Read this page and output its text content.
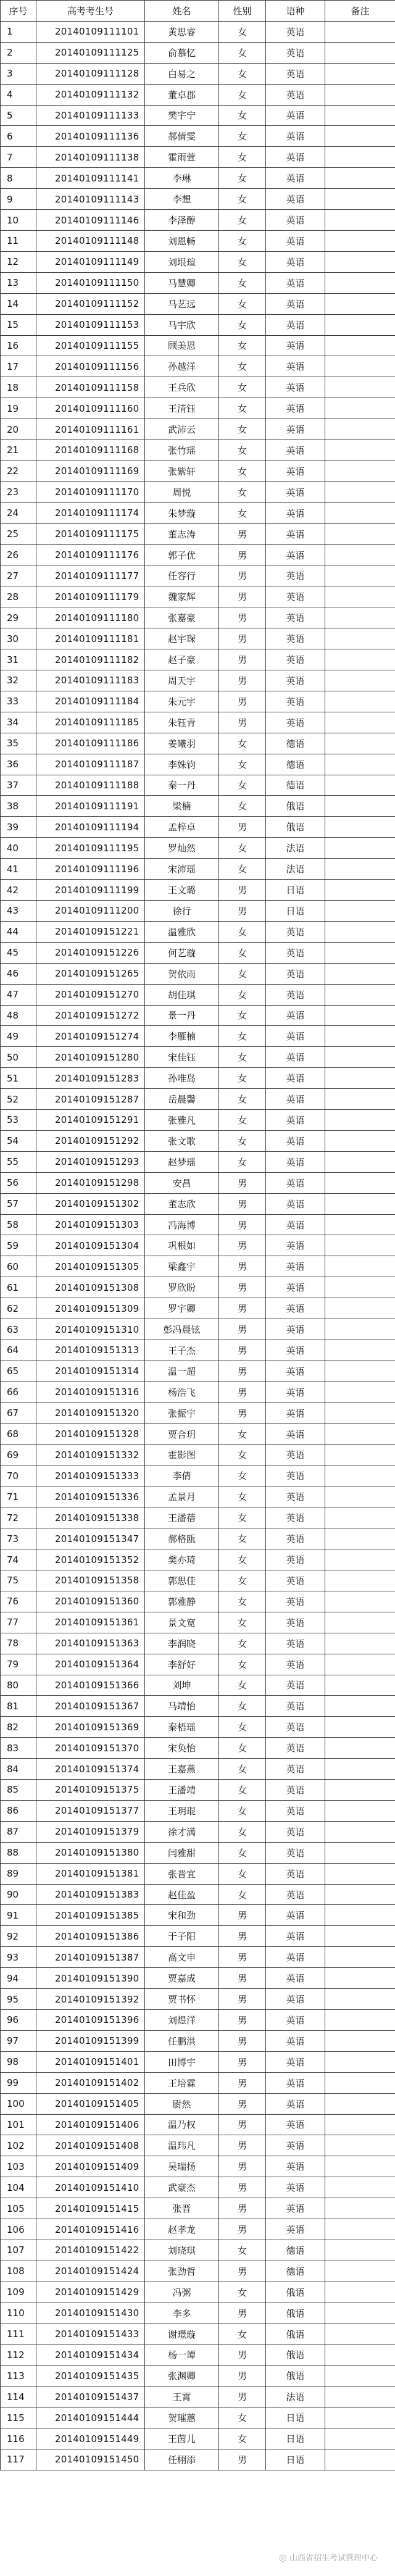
序号	高考考生号	姓名	性别	语种	备注
1	20140109111101	黄思睿	女	英语	
2	20140109111125	俞慕忆	女	英语	
3	20140109111128	白易之	女	英语	
4	20140109111132	董卓郡	女	英语	
5	20140109111133	樊宇宁	女	英语	
6	20140109111136	郝倩雯	女	英语	
7	20140109111138	霍雨萱	女	英语	
8	20140109111141	李琳	女	英语	
9	20140109111143	李想	女	英语	
10	20140109111146	李泽醇	女	英语	
11	20140109111148	刘恩畅	女	英语	
12	20140109111149	刘垠瑄	女	英语	
13	20140109111150	马慧卿	女	英语	
14	20140109111152	马艺远	女	英语	
15	20140109111153	马宇欣	女	英语	
16	20140109111155	顾美恩	女	英语	
17	20140109111156	孙越洋	女	英语	
18	20140109111158	王兵欣	女	英语	
19	20140109111160	王清钰	女	英语	
20	20140109111161	武沛云	女	英语	
21	20140109111168	张竹瑶	女	英语	
22	20140109111169	张紫轩	女	英语	
23	20140109111170	周悦	女	英语	
24	20140109111174	朱梦璇	女	英语	
25	20140109111175	董志涛	男	英语	
26	20140109111176	郭子优	男	英语	
27	20140109111177	任容行	男	英语	
28	20140109111179	魏家辉	男	英语	
29	20140109111180	张嘉豪	男	英语	
30	20140109111181	赵宇琛	男	英语	
31	20140109111182	赵子豪	男	英语	
32	20140109111183	周天宇	男	英语	
33	20140109111184	朱元宇	男	英语	
34	20140109111185	朱钰青	男	英语	
35	20140109111186	姜曦羽	女	德语	
36	20140109111187	李姝钧	女	德语	
37	20140109111188	秦一丹	女	德语	
38	20140109111191	梁楠	女	俄语	
39	20140109111194	孟梓卓	男	俄语	
40	20140109111195	罗灿然	女	法语	
41	20140109111196	宋沛瑶	女	法语	
42	20140109111199	王文璐	男	日语	
43	20140109111200	徐行	男	日语	
44	20140109151221	温雅欣	女	英语	
45	20140109151226	何艺璇	女	英语	
46	20140109151265	贺依雨	女	英语	
47	20140109151270	胡佳琪	女	英语	
48	20140109151272	景一丹	女	英语	
49	20140109151274	李雁楠	女	英语	
50	20140109151280	宋佳钰	女	英语	
51	20140109151283	孙唯岛	女	英语	
52	20140109151287	岳晨馨	女	英语	
53	20140109151291	张雅凡	女	英语	
54	20140109151292	张文歌	女	英语	
55	20140109151293	赵梦瑶	女	英语	
56	20140109151298	安昌	男	英语	
57	20140109151302	董志欣	男	英语	
58	20140109151303	冯海博	男	英语	
59	20140109151304	巩根如	男	英语	
60	20140109151305	梁鑫宇	男	英语	
61	20140109151308	罗欣盼	男	英语	
62	20140109151309	罗宇卿	男	英语	
63	20140109151310	彭冯晨铉	男	英语	
64	20140109151313	王子杰	男	英语	
65	20140109151314	温一超	男	英语	
66	20140109151316	杨浩飞	男	英语	
67	20140109151320	张振宇	男	英语	
68	20140109151328	贾合玥	女	英语	
69	20140109151332	霍影图	女	英语	
70	20140109151333	李倩	女	英语	
71	20140109151336	孟景月	女	英语	
72	20140109151338	王潘蓓	女	英语	
73	20140109151347	郝格瓯	女	英语	
74	20140109151352	樊亦琦	女	英语	
75	20140109151358	郭思佳	女	英语	
76	20140109151360	郭雅静	女	英语	
77	20140109151361	景文宽	女	英语	
78	20140109151363	李润晓	女	英语	
79	20140109151364	李舒好	女	英语	
80	20140109151366	刘坤	女	英语	
81	20140109151367	马靖怡	女	英语	
82	20140109151369	秦梧瑶	女	英语	
83	20140109151370	宋奂怡	女	英语	
84	20140109151374	王嘉燕	女	英语	
85	20140109151375	王潘靖	女	英语	
86	20140109151377	王玥琨	女	英语	
87	20140109151379	徐才满	女	英语	
88	20140109151380	闫雅甜	女	英语	
89	20140109151381	张晋宜	女	英语	
90	20140109151383	赵佳盈	女	英语	
91	20140109151385	宋和劲	男	英语	
92	20140109151386	于子阳	男	英语	
93	20140109151387	高文申	男	英语	
94	20140109151390	贾嘉成	男	英语	
95	20140109151392	贾书怀	男	英语	
96	20140109151396	刘煜洋	男	英语	
97	20140109151399	任鹏洪	男	英语	
98	20140109151401	田博宇	男	英语	
99	20140109151402	王培霖	男	英语	
100	20140109151405	尉然	男	英语	
101	20140109151406	温乃权	男	英语	
102	20140109151408	温玮凡	男	英语	
103	20140109151409	吴瑞扬	男	英语	
104	20140109151410	武豪杰	男	英语	
105	20140109151415	张晋	男	英语	
106	20140109151416	赵孝龙	男	英语	
107	20140109151422	刘晓琪	女	德语	
108	20140109151424	张劲哲	男	德语	
109	20140109151429	冯粥	女	俄语	
110	20140109151430	李多	男	俄语	
111	20140109151433	谢璟璇	女	俄语	
112	20140109151434	杨一谭	男	俄语	
113	20140109151435	张渊卿	男	俄语	
114	20140109151437	王霄	男	法语	
115	20140109151444	贺璀蕙	女	日语	
116	20140109151449	王茵儿	女	日语	
117	20140109151450	任栩添	男	日语	
◎ 山西省招生考试管理中心
